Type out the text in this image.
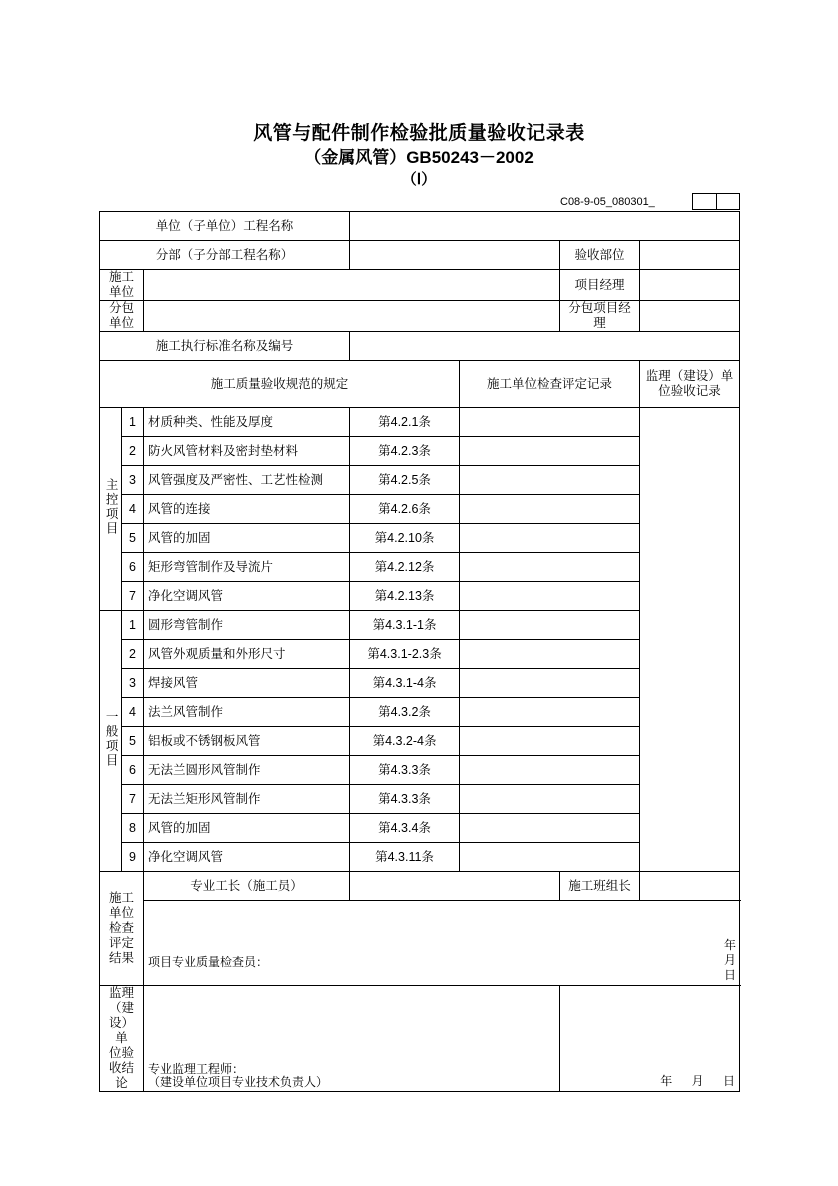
风管与配件制作检验批质量验收记录表
（金属风管）GB50243－2002
（Ⅰ）
C08-9-05_080301_
单位（子单位）工程名称							
分部（子分部工程名称）					验收部位		
施工单位					项目经理		
分包单位					分包项目经理		
施工执行标准名称及编号							
施工质量验收规范的规定				施工单位检查评定记录		监理（建设）单位验收记录	
主控项目	1	材质种类、性能及厚度	第4.2.1条				
	2	防火风管材料及密封垫材料	第4.2.3条				
	3	风管强度及严密性、工艺性检测	第4.2.5条				
	4	风管的连接	第4.2.6条				
	5	风管的加固	第4.2.10条				
	6	矩形弯管制作及导流片	第4.2.12条				
	7	净化空调风管	第4.2.13条				
一般项目	1	圆形弯管制作	第4.3.1-1条				
	2	风管外观质量和外形尺寸	第4.3.1-2.3条				
	3	焊接风管	第4.3.1-4条				
	4	法兰风管制作	第4.3.2条				
	5	铝板或不锈钢板风管	第4.3.2-4条				
	6	无法兰圆形风管制作	第4.3.3条				
	7	无法兰矩形风管制作	第4.3.3条				
	8	风管的加固	第4.3.4条				
	9	净化空调风管	第4.3.11条				

施工单位检查
评定结果		专业工长（施工员）			施工班组长		

		项目专业质量检查员：					年 月 日

监理（建设）单
位验收结论

专业监理工程师：
（建设单位项目专业技术负责人）	年 月 日
